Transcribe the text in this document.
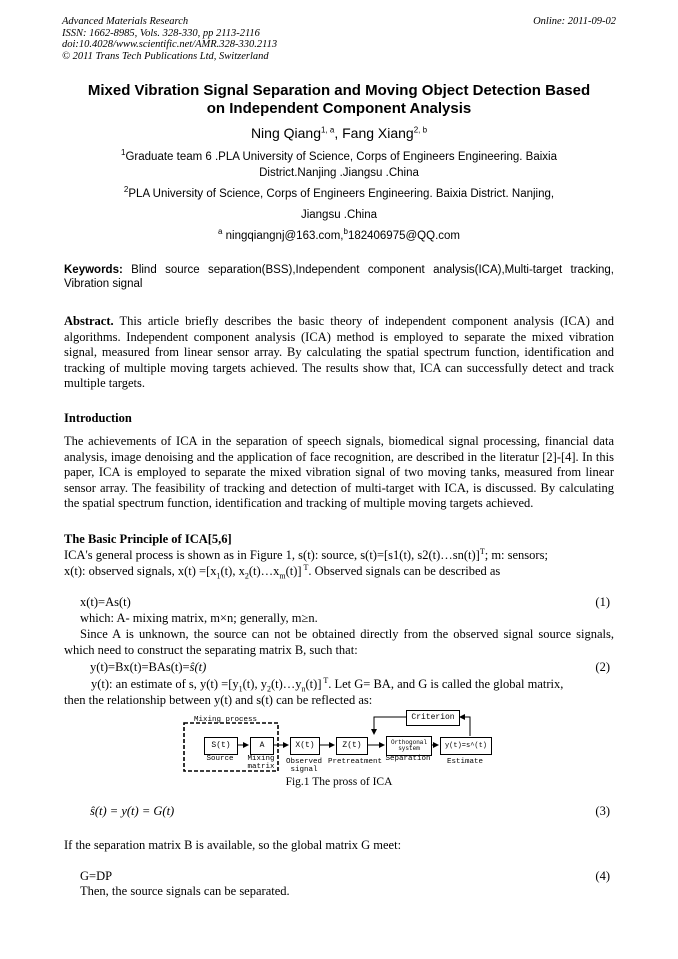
Advanced Materials Research
ISSN: 1662-8985, Vols. 328-330, pp 2113-2116
doi:10.4028/www.scientific.net/AMR.328-330.2113
© 2011 Trans Tech Publications Ltd, Switzerland
Online: 2011-09-02
Mixed Vibration Signal Separation and Moving Object Detection Based
on Independent Component Analysis
Ning Qiang$^{1, a}$, Fang Xiang$^{2, b}$
$^1$Graduate team 6 .PLA University of Science, Corps of Engineers Engineering. Baixia
District.Nanjing .Jiangsu .China
$^2$PLA University of Science, Corps of Engineers Engineering. Baixia District. Nanjing,
Jiangsu .China
$^a$ ningqiangnj@163.com,$^b$182406975@QQ.com
Keywords: Blind source separation(BSS),Independent component analysis(ICA),Multi-target tracking, Vibration signal
Abstract. This article briefly describes the basic theory of independent component analysis (ICA) and algorithms. Independent component analysis (ICA) method is employed to separate the mixed vibration signal, measured from linear sensor array. By calculating the spatial spectrum function, identification and tracking of multiple moving targets achieved. The results show that, ICA can successfully detect and track multiple targets.
Introduction
The achievements of ICA in the separation of speech signals, biomedical signal processing, financial data analysis, image denoising and the application of face recognition, are described in the literatur [2]-[4]. In this paper, ICA is employed to separate the mixed vibration signal of two moving tanks, measured from linear sensor array. The feasibility of tracking and detection of multi-target with ICA, is discussed. By calculating the spatial spectrum function, identification and tracking of multiple moving targets achieved.
The Basic Principle of ICA[5,6]
ICA's general process is shown as in Figure 1, s(t): source, s(t)=[s1(t), s2(t)…sn(t)]$^T$; m: sensors;
x(t): observed signals, $x(t) =[x_1(t)$, $x_2(t)\dots x_m(t)$] $^T$. Observed signals can be described as
x(t)=As(t)	(1)
which: A- mixing matrix, m×n; generally, m≥n.
Since A is unknown, the source can not be obtained directly from the observed signal source signals, which need to construct the separating matrix B, such that:
y(t)=Bx(t)=BAs(t)=ŝ(t)	(2)
y(t): an estimate of s, $y(t) =[y_1(t)$, $y_2(t)\dots y_n(t)$] $^T$. Let G= BA, and G is called the global matrix,
then the relationship between y(t) and s(t) can be reflected as:
Mixing process	Criterion
S(t)	A	X(t)	Z(t)	Orthogonal system	y(t)=s^(t)
Source	Mixing matrix
Observed signal
Pretreatment Separation	Estimate
Fig.1 The pross of ICA
ŝ(t) = y(t) = G(t)	(3)
If the separation matrix B is available, so the global matrix G meet:
G=DP	(4)
Then, the source signals can be separated.
